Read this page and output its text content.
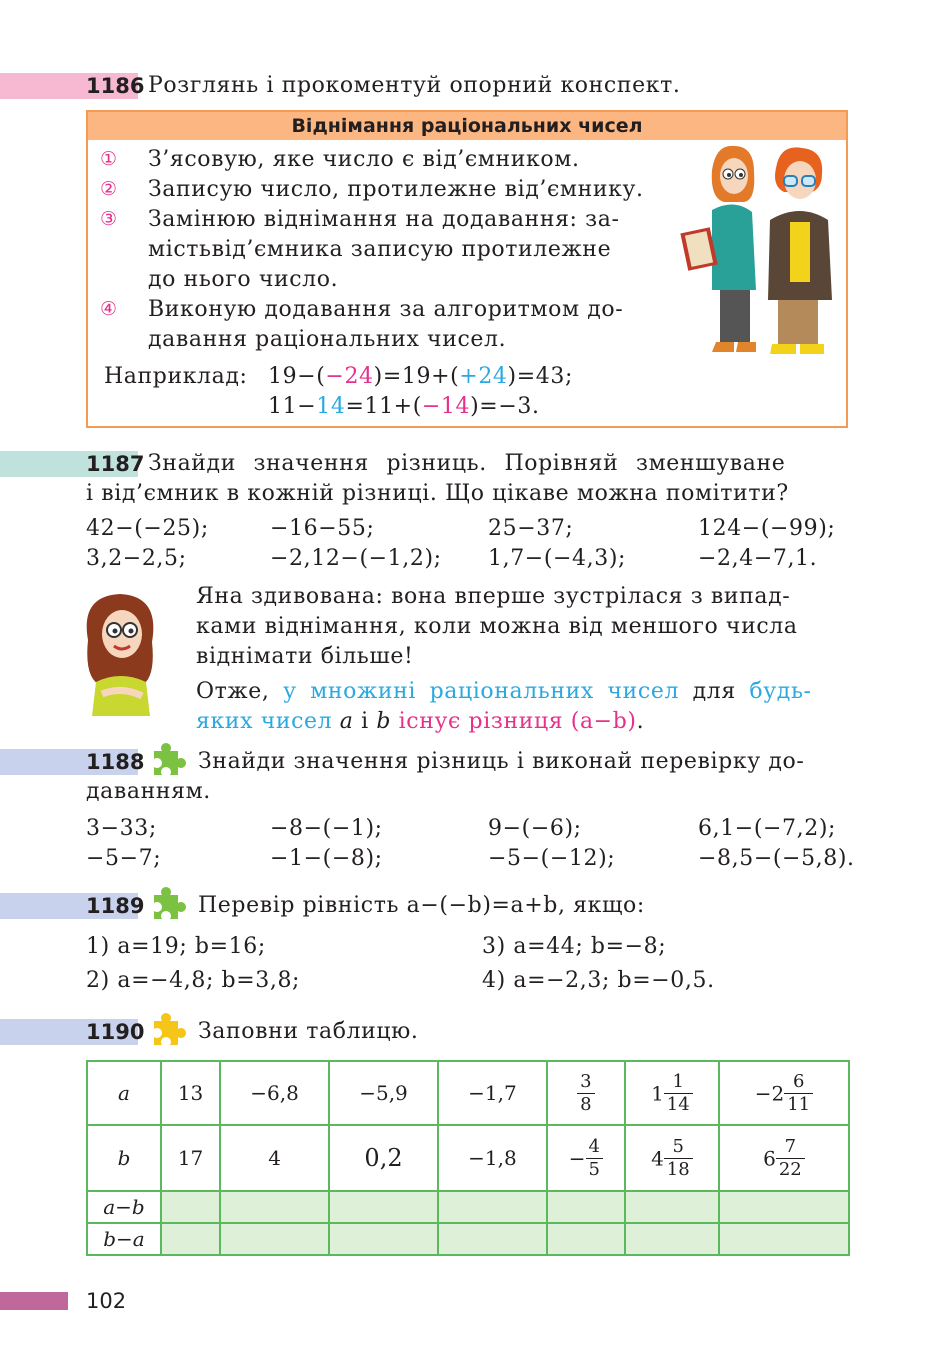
1186 Розглянь і прокоментуй опорний конспект.
Віднімання раціональних чисел
① З’ясовую, яке число є від’ємником.
② Записую число, протилежне від’ємнику.
③ Замінюю віднімання на додавання: за-
містьвід’ємника записую протилежне
до нього число.
④ Виконую додавання за алгоритмом до-
давання раціональних чисел.
Наприклад: 19−(−24)=19+(+24)=43;
11−14=11+(−14)=−3.
1187 Знайди значення різниць. Порівняй зменшуване
і від’ємник в кожній різниці. Що цікаве можна помітити?
42−(−25);	−16−55;	25−37;	124−(−99);
3,2−2,5;	−2,12−(−1,2); 1,7−(−4,3);	−2,4−7,1.
Яна здивована: вона вперше зустрілася з випад-
ками віднімання, коли можна від меншого числа
віднімати більше!
Отже, у множині раціональних чисел для будь-
яких чисел a і b існує різниця (a−b).
1188 Знайди значення різниць і виконай перевірку до-
даванням.
3−33;	−8−(−1);	9−(−6);	6,1−(−7,2);
−5−7;	−1−(−8);	−5−(−12);	−8,5−(−5,8).
1189 Перевір рівність a−(−b)=a+b, якщо:
1) a=19; b=16;	3) a=44; b=−8;
2) a=−4,8; b=3,8;	4) a=−2,3; b=−0,5.
1190 Заповни таблицю.
a	13	−6,8	−5,9	−1,7	$\frac{3}{8}$	$1 \frac{1}{14}$	$-2 \frac{6}{11}$

b	17	4	0,2	−1,8	− $\frac{4}{5}$	$4 \frac{5}{18}$	$6 \frac{7}{22}$

a−b							
b−a							
102
